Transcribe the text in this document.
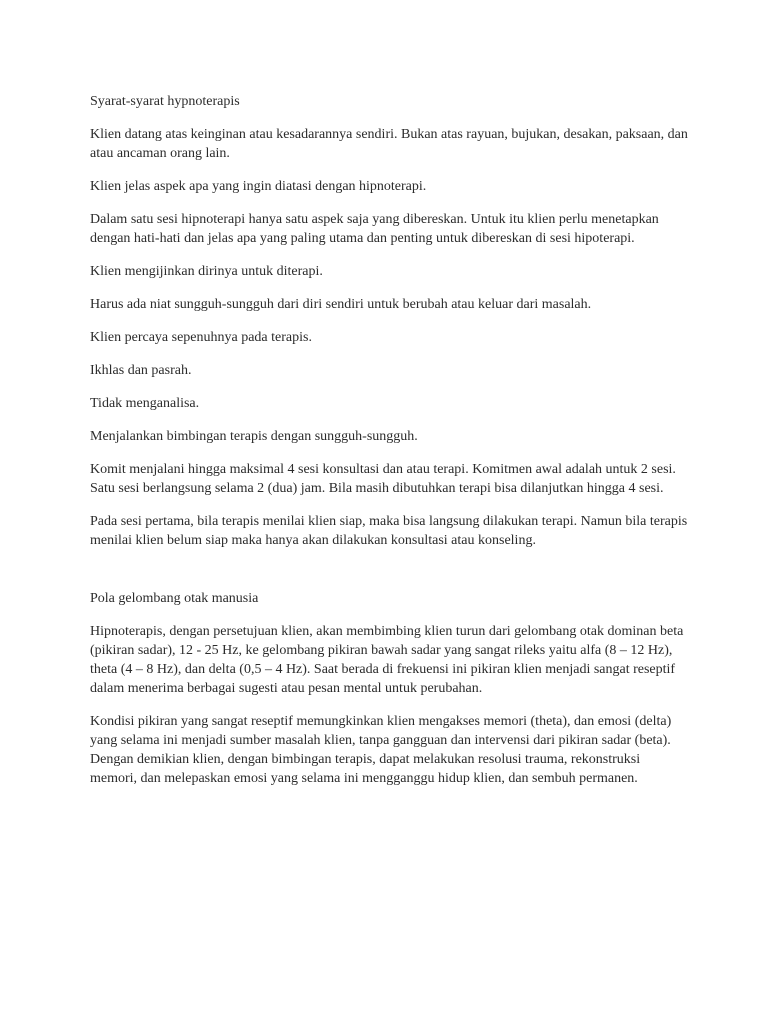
Syarat-syarat hypnoterapis

Klien datang atas keinginan atau kesadarannya sendiri. Bukan atas rayuan, bujukan, desakan, paksaan, dan atau ancaman orang lain.

Klien jelas aspek apa yang ingin diatasi dengan hipnoterapi.

Dalam satu sesi hipnoterapi hanya satu aspek saja yang dibereskan. Untuk itu klien perlu menetapkan dengan hati-hati dan jelas apa yang paling utama dan penting untuk dibereskan di sesi hipoterapi.

Klien mengijinkan dirinya untuk diterapi.

Harus ada niat sungguh-sungguh dari diri sendiri untuk berubah atau keluar dari masalah.

Klien percaya sepenuhnya pada terapis.

Ikhlas dan pasrah.

Tidak menganalisa.

Menjalankan bimbingan terapis dengan sungguh-sungguh.

Komit menjalani hingga maksimal 4 sesi konsultasi dan atau terapi. Komitmen awal adalah untuk 2 sesi. Satu sesi berlangsung selama 2 (dua) jam. Bila masih dibutuhkan terapi bisa dilanjutkan hingga 4 sesi.

Pada sesi pertama, bila terapis menilai klien siap, maka bisa langsung dilakukan terapi. Namun bila terapis menilai klien belum siap maka hanya akan dilakukan konsultasi atau konseling.

Pola gelombang otak manusia

Hipnoterapis, dengan persetujuan klien, akan membimbing klien turun dari gelombang otak dominan beta (pikiran sadar), 12 - 25 Hz, ke gelombang pikiran bawah sadar yang sangat rileks yaitu alfa (8 – 12 Hz), theta (4 – 8 Hz), dan delta (0,5 – 4 Hz). Saat berada di frekuensi ini pikiran klien menjadi sangat reseptif dalam menerima berbagai sugesti atau pesan mental untuk perubahan.

Kondisi pikiran yang sangat reseptif memungkinkan klien mengakses memori (theta), dan emosi (delta) yang selama ini menjadi sumber masalah klien, tanpa gangguan dan intervensi dari pikiran sadar (beta). Dengan demikian klien, dengan bimbingan terapis, dapat melakukan resolusi trauma, rekonstruksi memori, dan melepaskan emosi yang selama ini mengganggu hidup klien, dan sembuh permanen.
